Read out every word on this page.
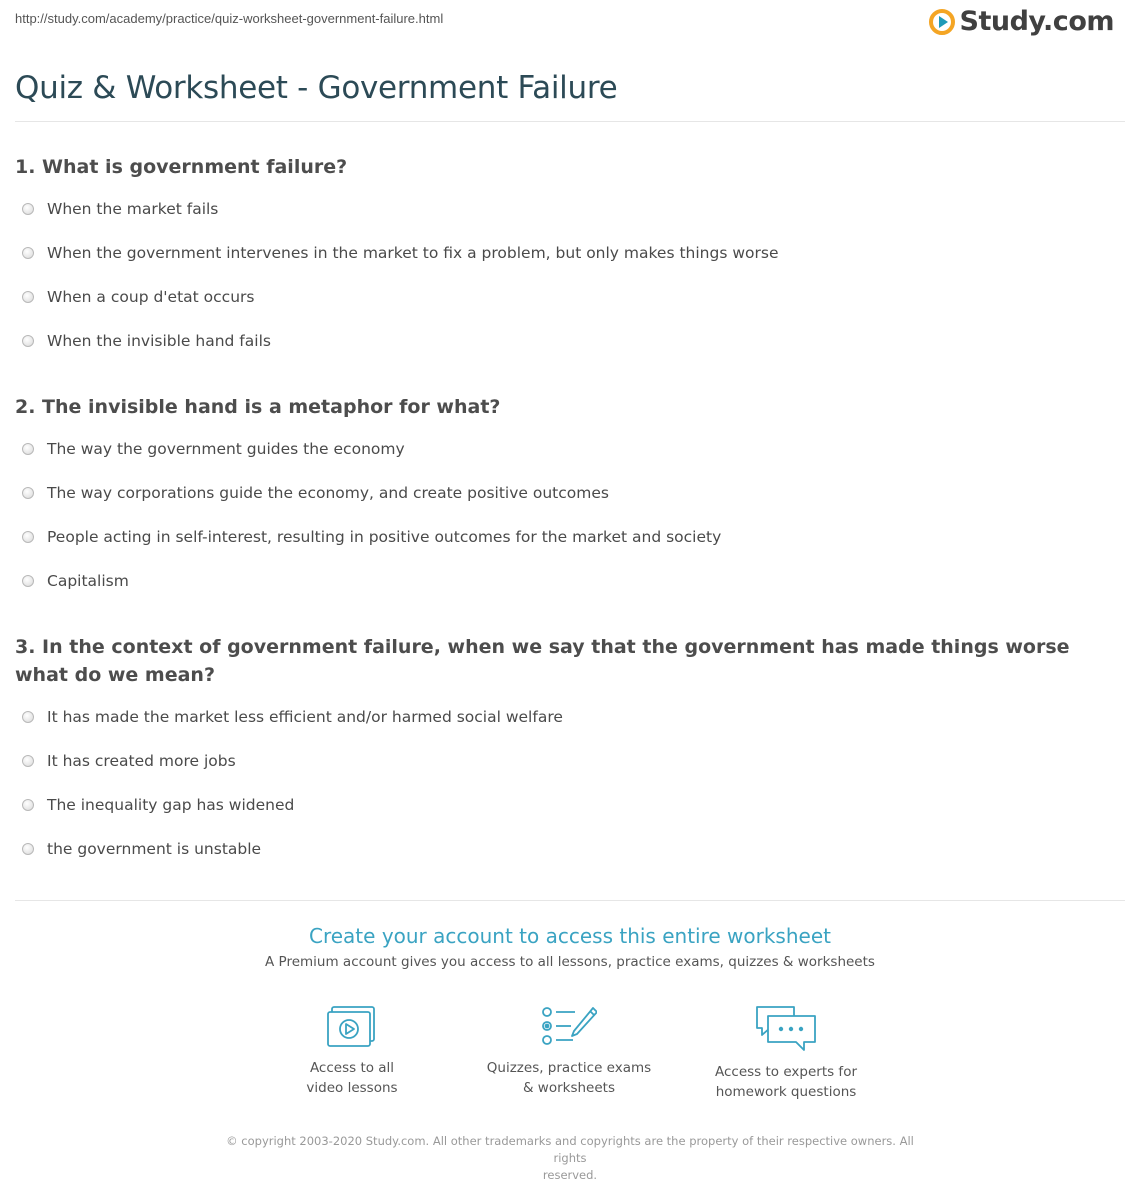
http://study.com/academy/practice/quiz-worksheet-government-failure.html	Study.com
Quiz & Worksheet - Government Failure
1. What is government failure?
When the market fails
When the government intervenes in the market to fix a problem, but only makes things worse
When a coup d'etat occurs
When the invisible hand fails
2. The invisible hand is a metaphor for what?
The way the government guides the economy
The way corporations guide the economy, and create positive outcomes
People acting in self-interest, resulting in positive outcomes for the market and society
Capitalism
3. In the context of government failure, when we say that the government has made things worse what do we mean?
It has made the market less efficient and/or harmed social welfare
It has created more jobs
The inequality gap has widened
the government is unstable
Create your account to access this entire worksheet
A Premium account gives you access to all lessons, practice exams, quizzes & worksheets
Access to all
video lessons
Quizzes, practice exams
& worksheets
Access to experts for
homework questions
© copyright 2003-2020 Study.com. All other trademarks and copyrights are the property of their respective owners. All rights
reserved.
